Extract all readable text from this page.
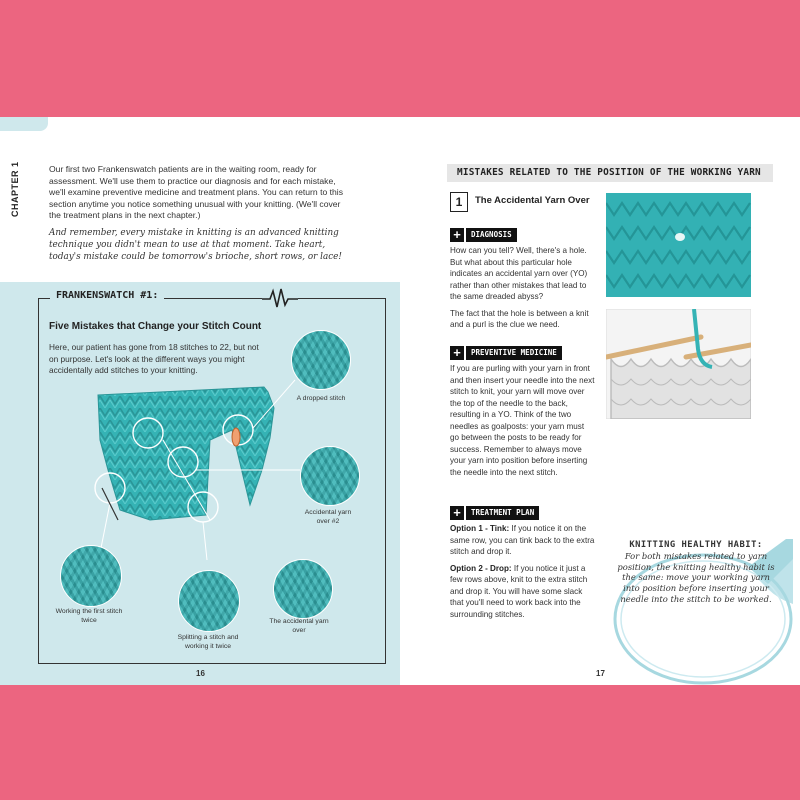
CHAPTER 1	Our first two Frankenswatch patients are in the waiting room, ready for assessment. We'll use them to practice our diagnosis and for each mistake, we'll examine preventive medicine and treatment plans. You can return to this section anytime you notice something unusual with your knitting. (We'll cover the treatment plans in the next chapter.)

And remember, every mistake in knitting is an advanced knitting technique you didn't mean to use at that moment. Take heart, today's mistake could be tomorrow's brioche, short rows, or lace!

FRANKENSWATCH #1:
Five Mistakes that Change your Stitch Count
Here, our patient has gone from 18 stitches to 22, but not on purpose. Let's look at the different ways you might accidentally add stitches to your knitting.
A dropped stitch
Accidental yarn over #2
The accidental yarn over
Splitting a stitch and working it twice
Working the first stitch twice
16
MISTAKES RELATED TO THE POSITION OF THE WORKING YARN
1	The Accidental Yarn Over
+	DIAGNOSIS

How can you tell? Well, there's a hole. But what about this particular hole indicates an accidental yarn over (YO) rather than other mistakes that lead to the same dreaded abyss?

The fact that the hole is between a knit and a purl is the clue we need.

+	PREVENTIVE MEDICINE

If you are purling with your yarn in front and then insert your needle into the next stitch to knit, your yarn will move over the top of the needle to the back, resulting in a YO. Think of the two needles as goalposts: your yarn must go between the posts to be ready for success. Remember to always move your yarn into position before inserting the needle into the next stitch.

+	TREATMENT PLAN

Option 1 - Tink: If you notice it on the same row, you can tink back to the extra stitch and drop it.

Option 2 - Drop: If you notice it just a few rows above, knit to the extra stitch and drop it. You will have some slack that you'll need to work back into the surrounding stitches.

KNITTING HEALTHY HABIT:
For both mistakes related to yarn position, the knitting healthy habit is the same: move your working yarn into position before inserting your needle into the stitch to be worked.
17
